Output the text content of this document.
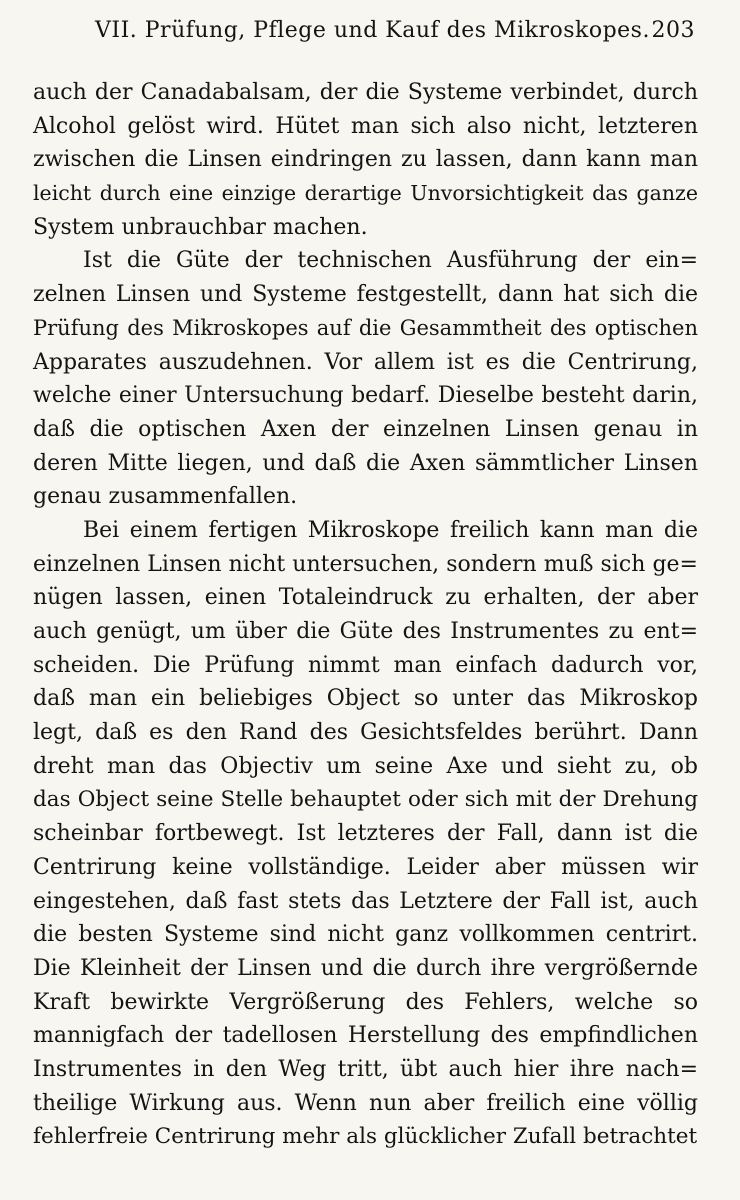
VII. Prüfung, Pflege und Kauf des Mikroskopes. 203
auch der Canadabalsam, der die Systeme verbindet, durch
Alcohol gelöst wird. Hütet man sich also nicht, letzteren
zwischen die Linsen eindringen zu lassen, dann kann man
leicht durch eine einzige derartige Unvorsichtigkeit das ganze
System unbrauchbar machen.
Ist die Güte der technischen Ausführung der ein=
zelnen Linsen und Systeme festgestellt, dann hat sich die
Prüfung des Mikroskopes auf die Gesammtheit des optischen
Apparates auszudehnen. Vor allem ist es die Centrirung,
welche einer Untersuchung bedarf. Dieselbe besteht darin,
daß die optischen Axen der einzelnen Linsen genau in
deren Mitte liegen, und daß die Axen sämmtlicher Linsen
genau zusammenfallen.
Bei einem fertigen Mikroskope freilich kann man die
einzelnen Linsen nicht untersuchen, sondern muß sich ge=
nügen lassen, einen Totaleindruck zu erhalten, der aber
auch genügt, um über die Güte des Instrumentes zu ent=
scheiden. Die Prüfung nimmt man einfach dadurch vor,
daß man ein beliebiges Object so unter das Mikroskop
legt, daß es den Rand des Gesichtsfeldes berührt. Dann
dreht man das Objectiv um seine Axe und sieht zu, ob
das Object seine Stelle behauptet oder sich mit der Drehung
scheinbar fortbewegt. Ist letzteres der Fall, dann ist die
Centrirung keine vollständige. Leider aber müssen wir
eingestehen, daß fast stets das Letztere der Fall ist, auch
die besten Systeme sind nicht ganz vollkommen centrirt.
Die Kleinheit der Linsen und die durch ihre vergrößernde
Kraft bewirkte Vergrößerung des Fehlers, welche so
mannigfach der tadellosen Herstellung des empfindlichen
Instrumentes in den Weg tritt, übt auch hier ihre nach=
theilige Wirkung aus. Wenn nun aber freilich eine völlig
fehlerfreie Centrirung mehr als glücklicher Zufall betrachtet
